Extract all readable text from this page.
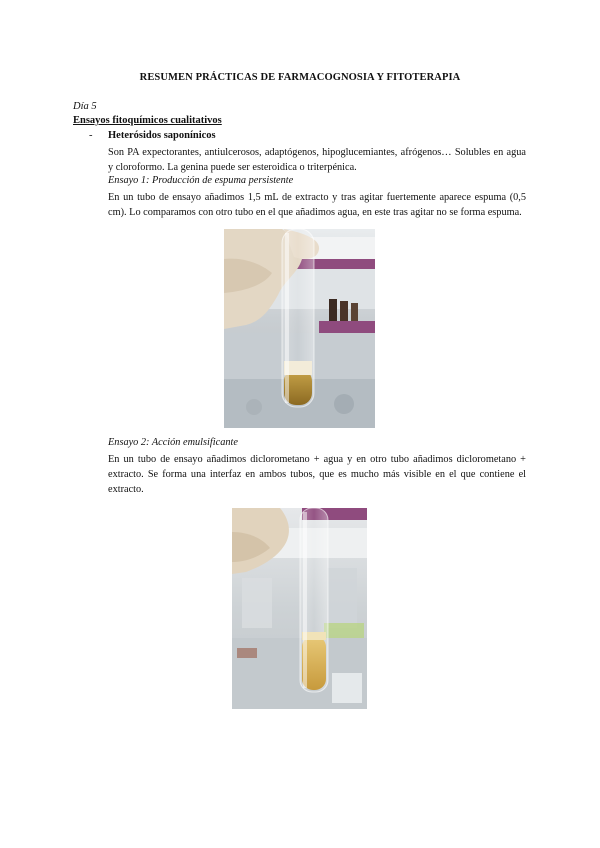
RESUMEN PRÁCTICAS DE FARMACOGNOSIA Y FITOTERAPIA
Día 5
Ensayos fitoquímicos cualitativos
- Heterósidos saponínicos
Son PA expectorantes, antiulcerosos, adaptógenos, hipoglucemiantes, afrógenos… Solubles en agua y cloroformo. La genina puede ser esteroidica o triterpénica.
Ensayo 1: Producción de espuma persistente
En un tubo de ensayo añadimos 1,5 mL de extracto y tras agitar fuertemente aparece espuma (0,5 cm). Lo comparamos con otro tubo en el que añadimos agua, en este tras agitar no se forma espuma.
Ensayo 2: Acción emulsificante
En un tubo de ensayo añadimos diclorometano + agua y en otro tubo añadimos diclorometano + extracto. Se forma una interfaz en ambos tubos, que es mucho más visible en el que contiene el extracto.
